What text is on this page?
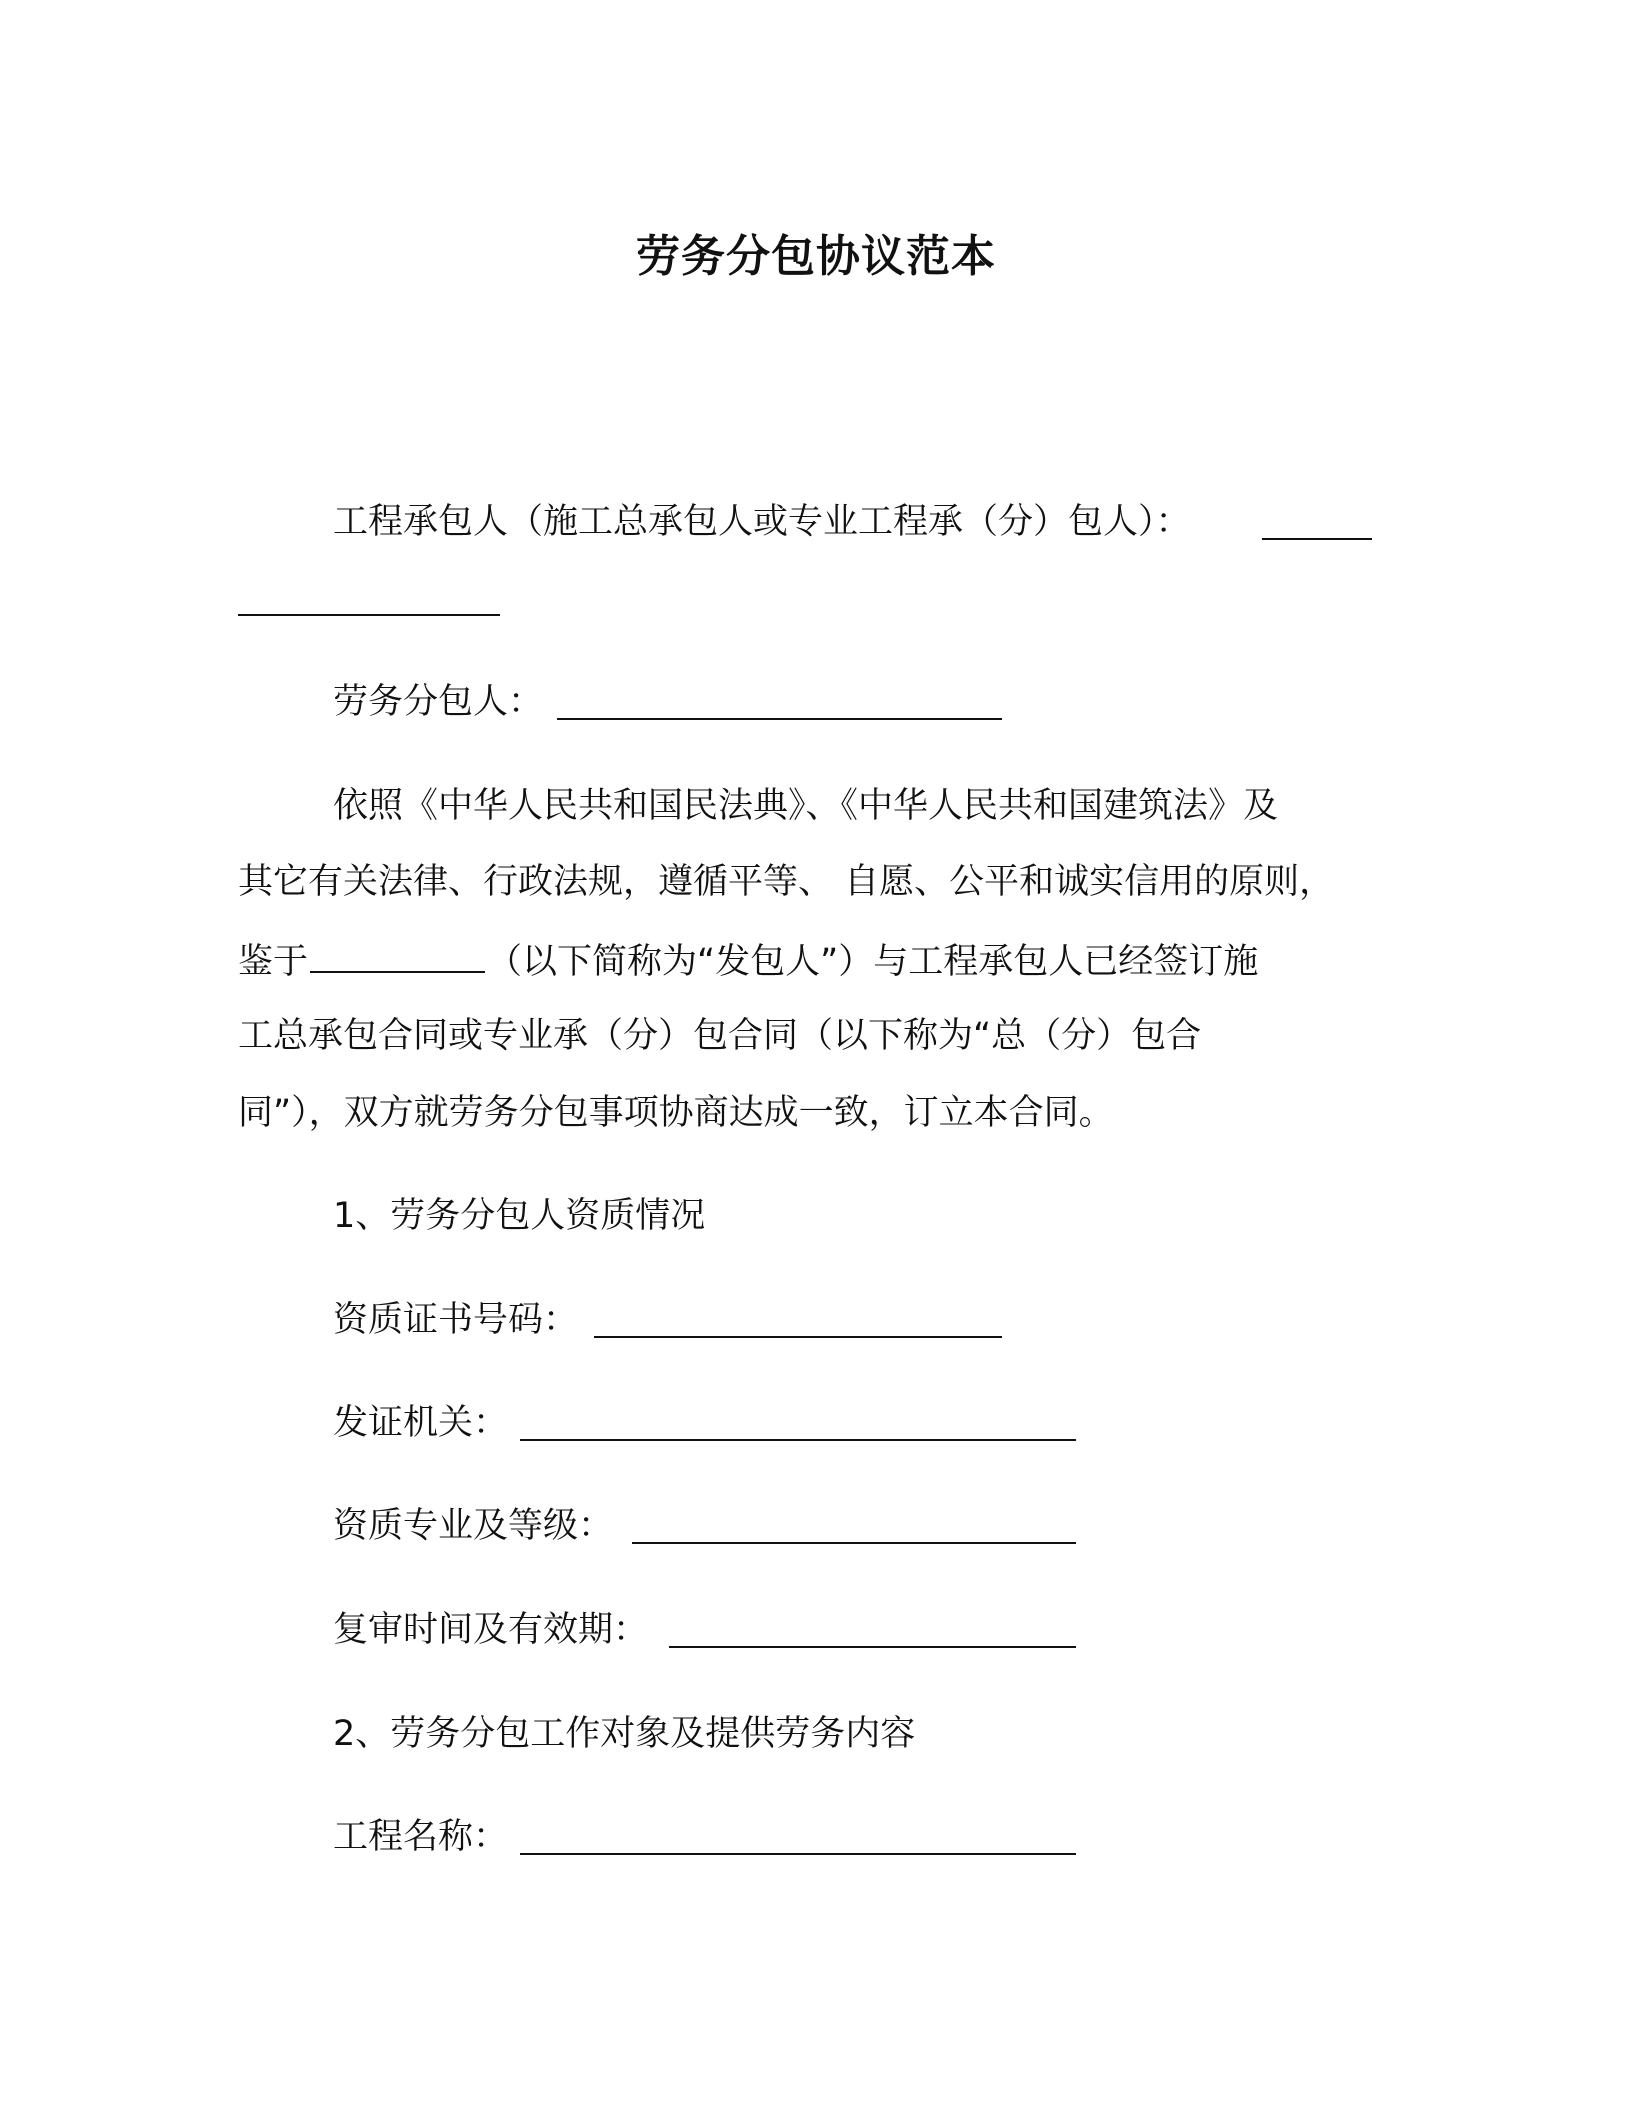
劳务分包协议范本
工程承包人（施工总承包人或专业工程承（分）包人）：
劳务分包人：
依照《中华人民共和国民法典》、《中华人民共和国建筑法》及
其它有关法律、行政法规，遵循平等、 自愿、公平和诚实信用的原则，
鉴于	（以下简称为“发包人”）与工程承包人已经签订施
工总承包合同或专业承（分）包合同（以下称为“总（分）包合
同”），双方就劳务分包事项协商达成一致，订立本合同。
1、劳务分包人资质情况
资质证书号码：
发证机关：
资质专业及等级：
复审时间及有效期：
2、劳务分包工作对象及提供劳务内容
工程名称：
